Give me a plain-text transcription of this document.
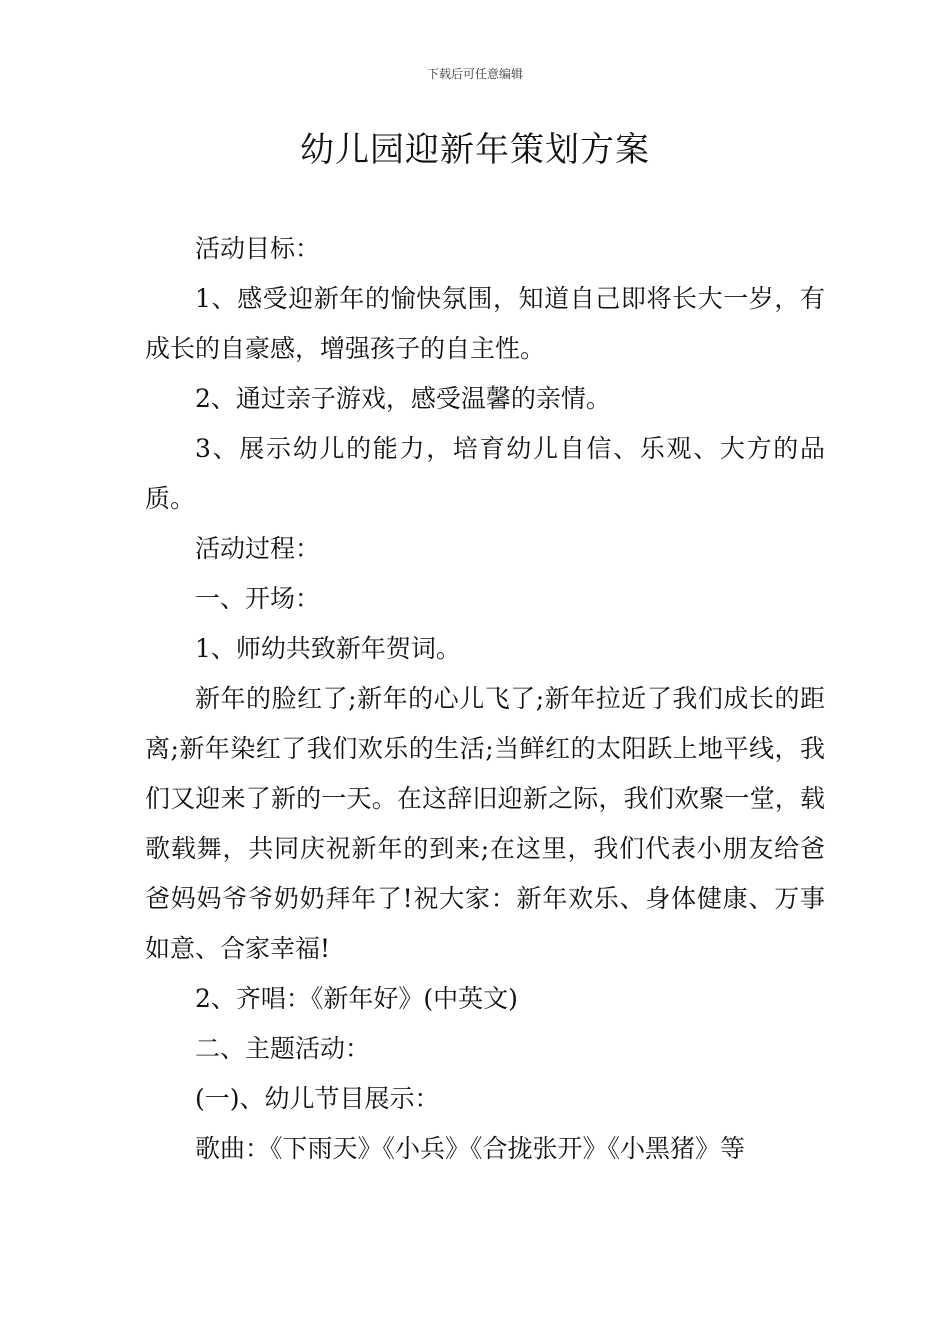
下载后可任意编辑
幼儿园迎新年策划方案

活动目标：

1、感受迎新年的愉快氛围，知道自己即将长大一岁，有成长的自豪感，增强孩子的自主性。

2、通过亲子游戏，感受温馨的亲情。

3、展示幼儿的能力，培育幼儿自信、乐观、大方的品质。

活动过程：

一、开场：

1、师幼共致新年贺词。

新年的脸红了;新年的心儿飞了;新年拉近了我们成长的距离;新年染红了我们欢乐的生活;当鲜红的太阳跃上地平线，我们又迎来了新的一天。在这辞旧迎新之际，我们欢聚一堂，载歌载舞，共同庆祝新年的到来;在这里，我们代表小朋友给爸爸妈妈爷爷奶奶拜年了!祝大家：新年欢乐、身体健康、万事如意、合家幸福!

2、齐唱：《新年好》(中英文)

二、主题活动：

(一)、幼儿节目展示：

歌曲：《下雨天》《小兵》《合拢张开》《小黑猪》等
